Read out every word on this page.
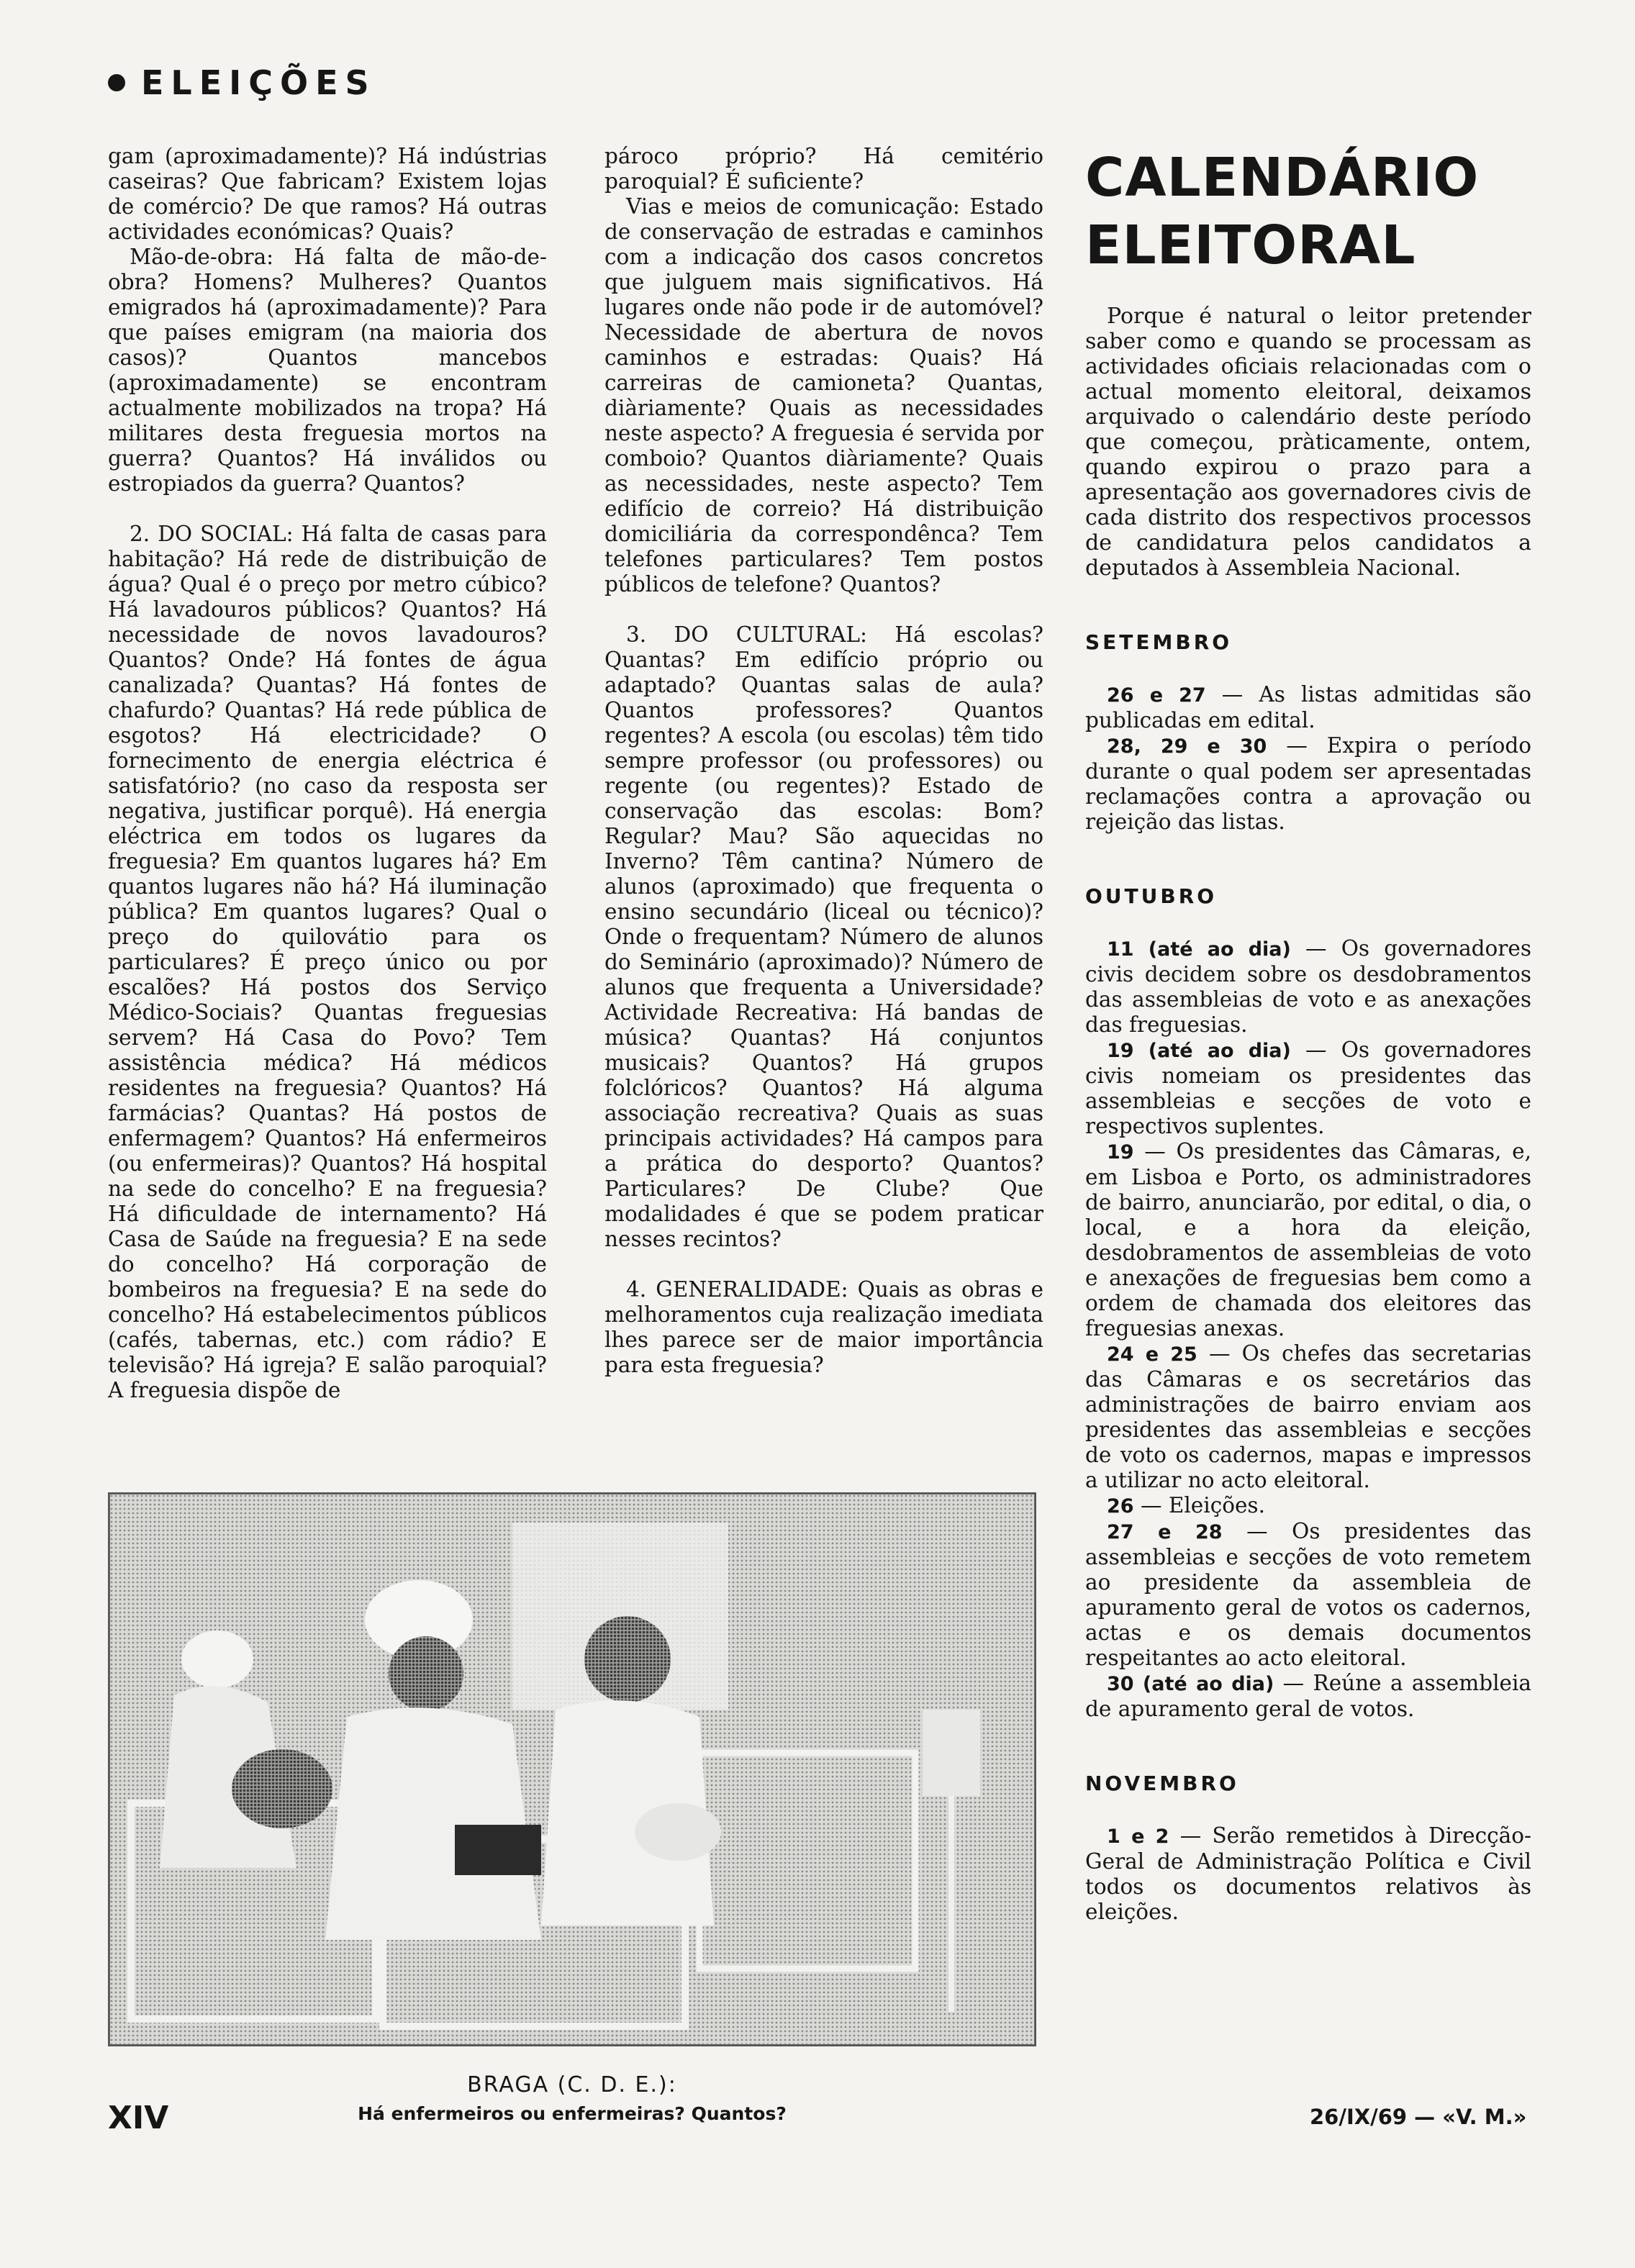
ELEIÇÕES

gam (aproximadamente)? Há indústrias caseiras? Que fabricam? Existem lojas de comércio? De que ramos? Há outras actividades económicas? Quais?

Mão-de-obra: Há falta de mão-de-obra? Homens? Mulheres? Quantos emigrados há (aproximadamente)? Para que países emigram (na maioria dos casos)? Quantos mancebos (aproximadamente) se encontram actualmente mobilizados na tropa? Há militares desta freguesia mortos na guerra? Quantos? Há inválidos ou estropiados da guerra? Quantos?

2. DO SOCIAL: Há falta de casas para habitação? Há rede de distribuição de água? Qual é o preço por metro cúbico? Há lavadouros públicos? Quantos? Há necessidade de novos lavadouros? Quantos? Onde? Há fontes de água canalizada? Quantas? Há fontes de chafurdo? Quantas? Há rede pública de esgotos? Há electricidade? O fornecimento de energia eléctrica é satisfatório? (no caso da resposta ser negativa, justificar porquê). Há energia eléctrica em todos os lugares da freguesia? Em quantos lugares há? Em quantos lugares não há? Há iluminação pública? Em quantos lugares? Qual o preço do quilovátio para os particulares? É preço único ou por escalões? Há postos dos Serviço Médico-Sociais? Quantas freguesias servem? Há Casa do Povo? Tem assistência médica? Há médicos residentes na freguesia? Quantos? Há farmácias? Quantas? Há postos de enfermagem? Quantos? Há enfermeiros (ou enfermeiras)? Quantos? Há hospital na sede do concelho? E na freguesia? Há dificuldade de internamento? Há Casa de Saúde na freguesia? E na sede do concelho? Há corporação de bombeiros na freguesia? E na sede do concelho? Há estabelecimentos públicos (cafés, tabernas, etc.) com rádio? E televisão? Há igreja? E salão paroquial? A freguesia dispõe de

pároco próprio? Há cemitério paroquial? É suficiente?

Vias e meios de comunicação: Estado de conservação de estradas e caminhos com a indicação dos casos concretos que julguem mais significativos. Há lugares onde não pode ir de automóvel? Necessidade de abertura de novos caminhos e estradas: Quais? Há carreiras de camioneta? Quantas, diàriamente? Quais as necessidades neste aspecto? A freguesia é servida por comboio? Quantos diàriamente? Quais as necessidades, neste aspecto? Tem edifício de correio? Há distribuição domiciliária da correspondênca? Tem telefones particulares? Tem postos públicos de telefone? Quantos?

3. DO CULTURAL: Há escolas? Quantas? Em edifício próprio ou adaptado? Quantas salas de aula? Quantos professores? Quantos regentes? A escola (ou escolas) têm tido sempre professor (ou professores) ou regente (ou regentes)? Estado de conservação das escolas: Bom? Regular? Mau? São aquecidas no Inverno? Têm cantina? Número de alunos (aproximado) que frequenta o ensino secundário (liceal ou técnico)? Onde o frequentam? Número de alunos do Seminário (aproximado)? Número de alunos que frequenta a Universidade? Actividade Recreativa: Há bandas de música? Quantas? Há conjuntos musicais? Quantos? Há grupos folclóricos? Quantos? Há alguma associação recreativa? Quais as suas principais actividades? Há campos para a prática do desporto? Quantos? Particulares? De Clube? Que modalidades é que se podem praticar nesses recintos?

4. GENERALIDADE: Quais as obras e melhoramentos cuja realização imediata lhes parece ser de maior importância para esta freguesia?

CALENDÁRIO
ELEITORAL

Porque é natural o leitor pretender saber como e quando se processam as actividades oficiais relacionadas com o actual momento eleitoral, deixamos arquivado o calendário deste período que começou, pràticamente, ontem, quando expirou o prazo para a apresentação aos governadores civis de cada distrito dos respectivos processos de candidatura pelos candidatos a deputados à Assembleia Nacional.

SETEMBRO

26 e 27 — As listas admitidas são publicadas em edital.

28, 29 e 30 — Expira o período durante o qual podem ser apresentadas reclamações contra a aprovação ou rejeição das listas.

OUTUBRO

11 (até ao dia) — Os governadores civis decidem sobre os desdobramentos das assembleias de voto e as anexações das freguesias.

19 (até ao dia) — Os governadores civis nomeiam os presidentes das assembleias e secções de voto e respectivos suplentes.

19 — Os presidentes das Câmaras, e, em Lisboa e Porto, os administradores de bairro, anunciarão, por edital, o dia, o local, e a hora da eleição, desdobramentos de assembleias de voto e anexações de freguesias bem como a ordem de chamada dos eleitores das freguesias anexas.

24 e 25 — Os chefes das secretarias das Câmaras e os secretários das administrações de bairro enviam aos presidentes das assembleias e secções de voto os cadernos, mapas e impressos a utilizar no acto eleitoral.

26 — Eleições.

27 e 28 — Os presidentes das assembleias e secções de voto remetem ao presidente da assembleia de apuramento geral de votos os cadernos, actas e os demais documentos respeitantes ao acto eleitoral.

30 (até ao dia) — Reúne a assembleia de apuramento geral de votos.

NOVEMBRO

1 e 2 — Serão remetidos à Direcção-Geral de Administração Política e Civil todos os documentos relativos às eleições.

BRAGA (C. D. E.):
Há enfermeiros ou enfermeiras? Quantos?
XIV	26/IX/69 — «V. M.»
